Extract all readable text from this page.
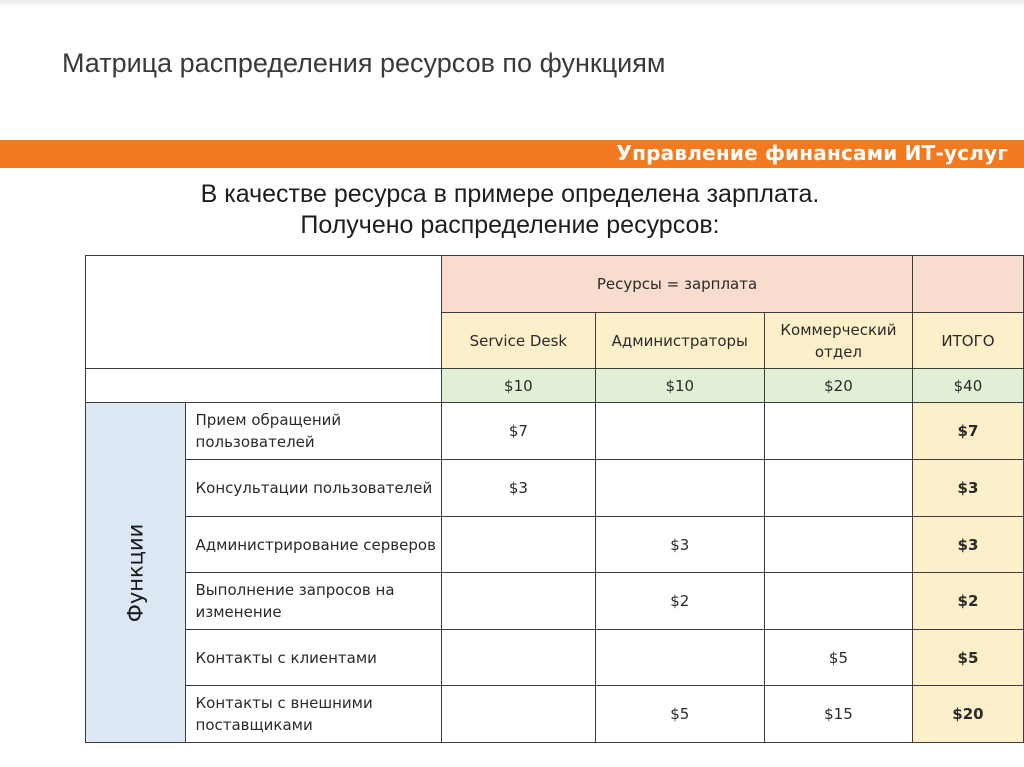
Матрица распределения ресурсов по функциям
Управление финансами ИТ-услуг
В качестве ресурса в примере определена зарплата.
Получено распределение ресурсов:
		Ресурсы = зарплата			
		Service Desk	Администраторы	Коммерческий отдел	ИТОГО
		$10	$10	$20	$40
Функции	Прием обращений пользователей	$7			$7
	Консультации пользователей	$3			$3
	Администрирование серверов		$3		$3
	Выполнение запросов на изменение		$2		$2
	Контакты с клиентами			$5	$5
	Контакты с внешними поставщиками		$5	$15	$20
